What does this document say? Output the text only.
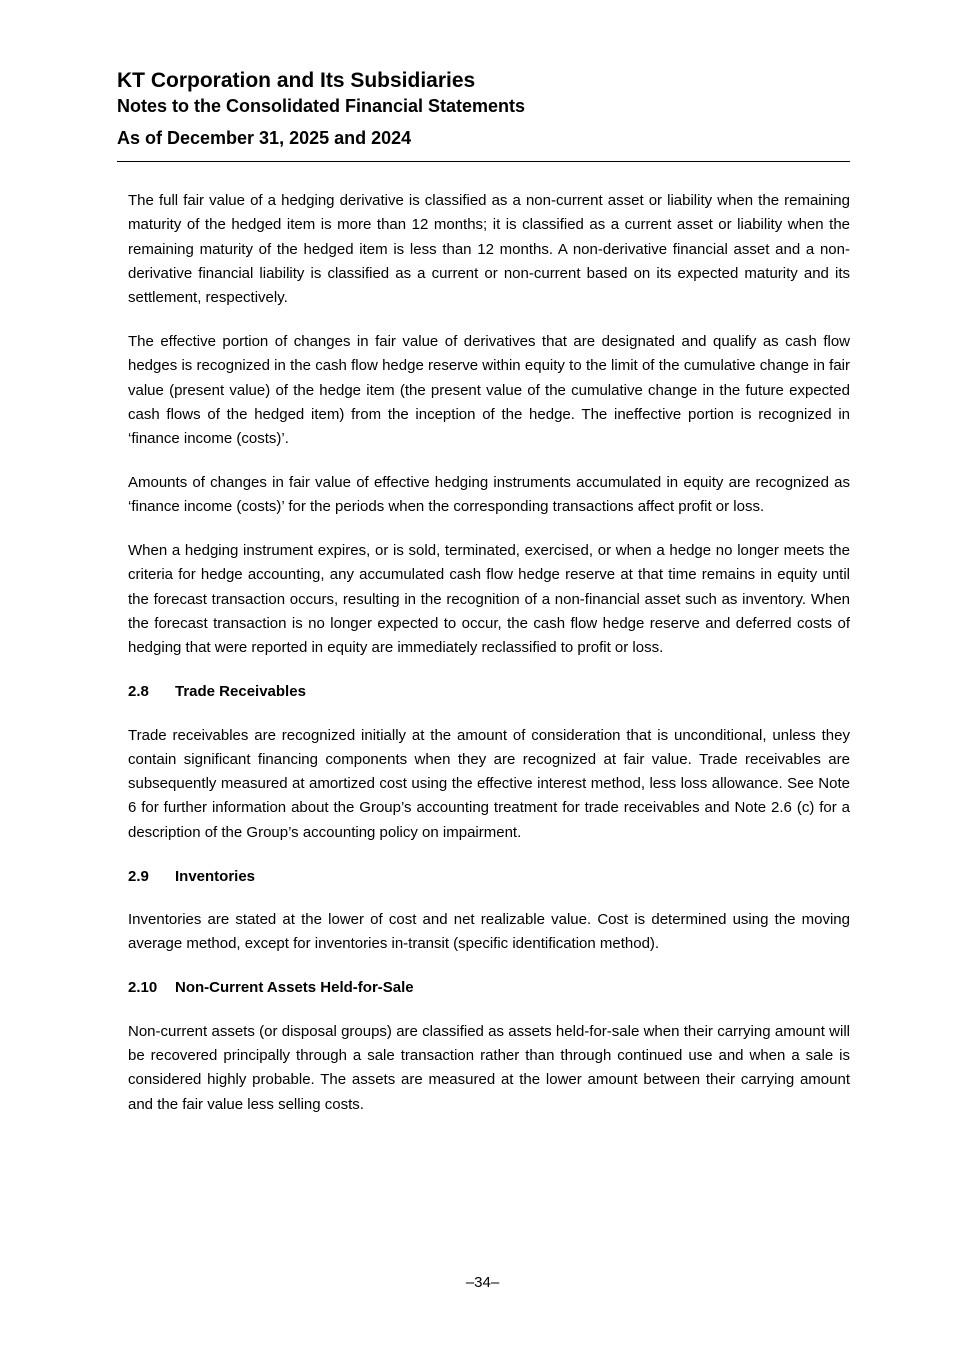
KT Corporation and Its Subsidiaries

Notes to the Consolidated Financial Statements

As of December 31, 2025 and 2024

The full fair value of a hedging derivative is classified as a non-current asset or liability when the remaining maturity of the hedged item is more than 12 months; it is classified as a current asset or liability when the remaining maturity of the hedged item is less than 12 months. A non-derivative financial asset and a non-derivative financial liability is classified as a current or non-current based on its expected maturity and its settlement, respectively.

The effective portion of changes in fair value of derivatives that are designated and qualify as cash flow hedges is recognized in the cash flow hedge reserve within equity to the limit of the cumulative change in fair value (present value) of the hedge item (the present value of the cumulative change in the future expected cash flows of the hedged item) from the inception of the hedge. The ineffective portion is recognized in ‘finance income (costs)’.

Amounts of changes in fair value of effective hedging instruments accumulated in equity are recognized as ‘finance income (costs)’ for the periods when the corresponding transactions affect profit or loss.

When a hedging instrument expires, or is sold, terminated, exercised, or when a hedge no longer meets the criteria for hedge accounting, any accumulated cash flow hedge reserve at that time remains in equity until the forecast transaction occurs, resulting in the recognition of a non-financial asset such as inventory. When the forecast transaction is no longer expected to occur, the cash flow hedge reserve and deferred costs of hedging that were reported in equity are immediately reclassified to profit or loss.

2.8	Trade Receivables

Trade receivables are recognized initially at the amount of consideration that is unconditional, unless they contain significant financing components when they are recognized at fair value. Trade receivables are subsequently measured at amortized cost using the effective interest method, less loss allowance. See Note 6 for further information about the Group’s accounting treatment for trade receivables and Note 2.6 (c) for a description of the Group’s accounting policy on impairment.

2.9	Inventories

Inventories are stated at the lower of cost and net realizable value. Cost is determined using the moving average method, except for inventories in-transit (specific identification method).

2.10	Non-Current Assets Held-for-Sale

Non-current assets (or disposal groups) are classified as assets held-for-sale when their carrying amount will be recovered principally through a sale transaction rather than through continued use and when a sale is considered highly probable. The assets are measured at the lower amount between their carrying amount and the fair value less selling costs.

–34–
